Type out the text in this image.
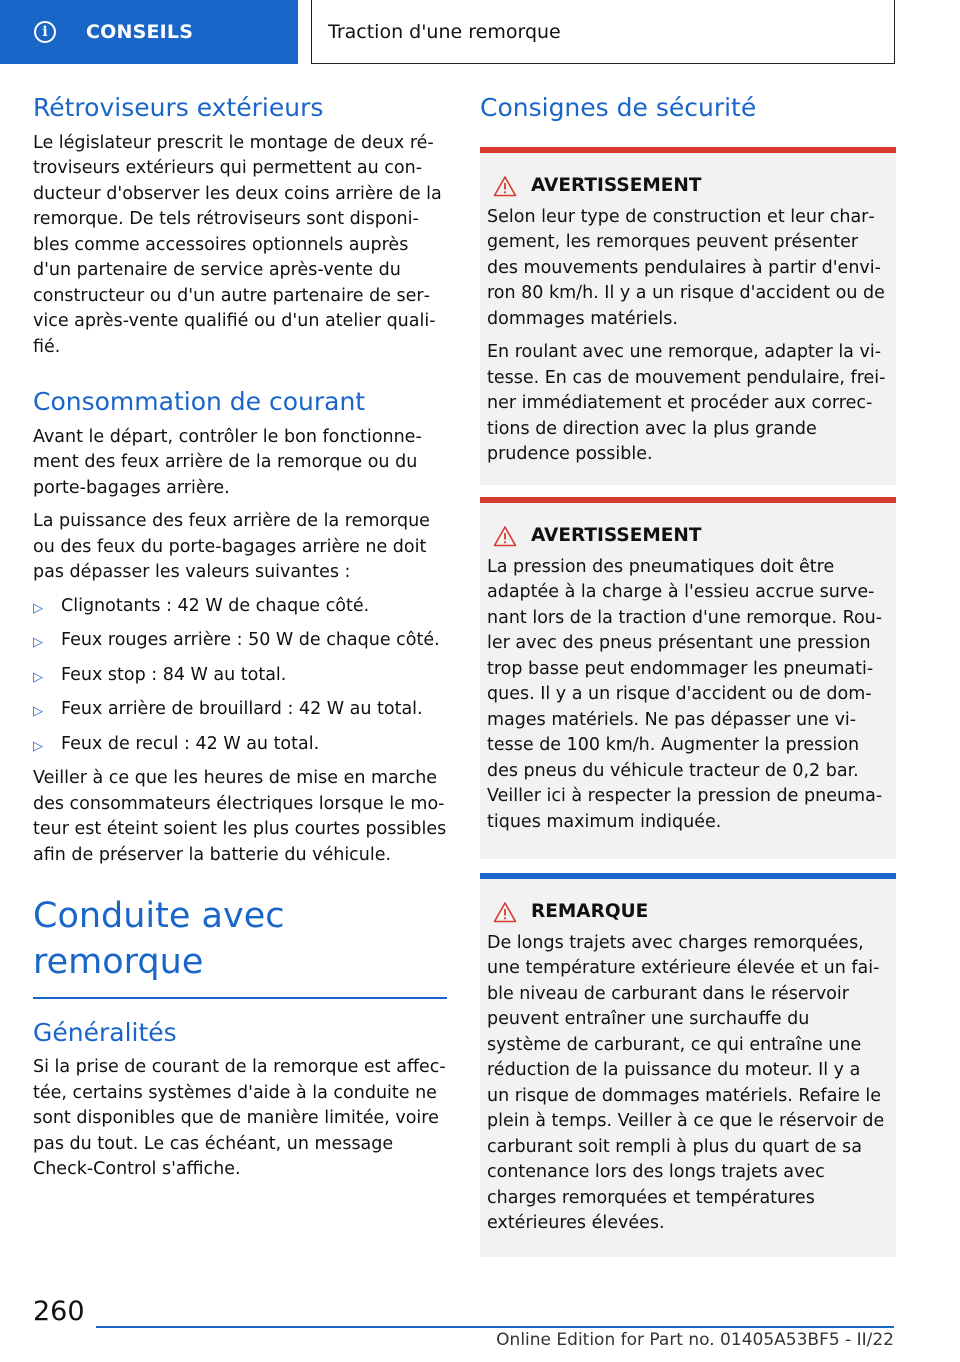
i	CONSEILS	Traction d'une remorque
Rétroviseurs extérieurs

Le législateur prescrit le montage de deux rétroviseurs extérieurs qui permettent au conducteur d'observer les deux coins arrière de la remorque. De tels rétroviseurs sont disponibles comme accessoires optionnels auprès d'un partenaire de service après-vente du constructeur ou d'un autre partenaire de service après-vente qualifié ou d'un atelier qualifié.

Consommation de courant

Avant le départ, contrôler le bon fonctionnement des feux arrière de la remorque ou du porte-bagages arrière.

La puissance des feux arrière de la remorque ou des feux du porte-bagages arrière ne doit pas dépasser les valeurs suivantes :

▷	Clignotants : 42 W de chaque côté.
▷	Feux rouges arrière : 50 W de chaque côté.
▷	Feux stop : 84 W au total.
▷	Feux arrière de brouillard : 42 W au total.
▷	Feux de recul : 42 W au total.

Veiller à ce que les heures de mise en marche des consommateurs électriques lorsque le moteur est éteint soient les plus courtes possibles afin de préserver la batterie du véhicule.

Conduite avec remorque
Généralités

Si la prise de courant de la remorque est affectée, certains systèmes d'aide à la conduite ne sont disponibles que de manière limitée, voire pas du tout. Le cas échéant, un message Check-Control s'affiche.

Consignes de sécurité
AVERTISSEMENT

Selon leur type de construction et leur chargement, les remorques peuvent présenter des mouvements pendulaires à partir d'environ 80 km/h. Il y a un risque d'accident ou de dommages matériels.

En roulant avec une remorque, adapter la vitesse. En cas de mouvement pendulaire, freiner immédiatement et procéder aux corrections de direction avec la plus grande prudence possible.

AVERTISSEMENT

La pression des pneumatiques doit être adaptée à la charge à l'essieu accrue survenant lors de la traction d'une remorque. Rouler avec des pneus présentant une pression trop basse peut endommager les pneumatiques. Il y a un risque d'accident ou de dommages matériels. Ne pas dépasser une vitesse de 100 km/h. Augmenter la pression des pneus du véhicule tracteur de 0,2 bar. Veiller ici à respecter la pression de pneumatiques maximum indiquée.

REMARQUE

De longs trajets avec charges remorquées, une température extérieure élevée et un faible niveau de carburant dans le réservoir peuvent entraîner une surchauffe du système de carburant, ce qui entraîne une réduction de la puissance du moteur. Il y a un risque de dommages matériels. Refaire le plein à temps. Veiller à ce que le réservoir de carburant soit rempli à plus du quart de sa contenance lors des longs trajets avec charges remorquées et températures extérieures élevées.

260
Online Edition for Part no. 01405A53BF5 - II/22
